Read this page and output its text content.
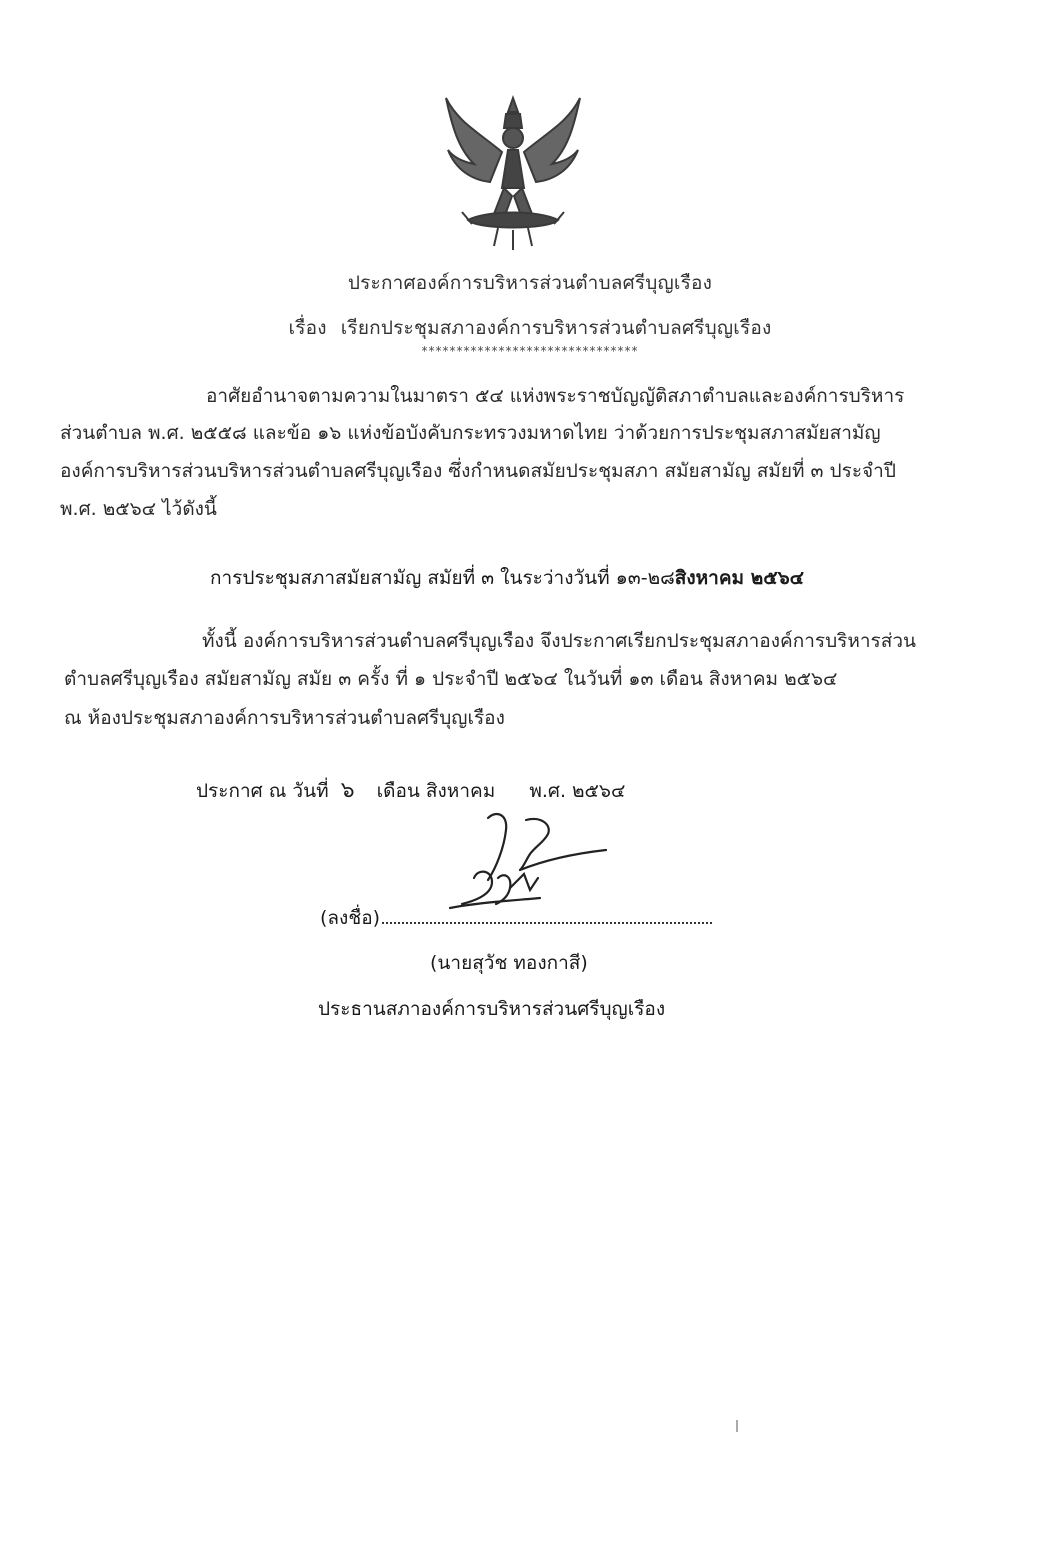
ประกาศองค์การบริหารส่วนตำบลศรีบุญเรือง
เรื่อง เรียกประชุมสภาองค์การบริหารส่วนตำบลศรีบุญเรือง
*******************************
อาศัยอำนาจตามความในมาตรา ๕๔ แห่งพระราชบัญญัติสภาตำบลและองค์การบริหาร
ส่วนตำบล พ.ศ. ๒๕๕๘ และข้อ ๑๖ แห่งข้อบังคับกระทรวงมหาดไทย ว่าด้วยการประชุมสภาสมัยสามัญ
องค์การบริหารส่วนบริหารส่วนตำบลศรีบุญเรือง ซึ่งกำหนดสมัยประชุมสภา สมัยสามัญ สมัยที่ ๓ ประจำปี
พ.ศ. ๒๕๖๔ ไว้ดังนี้
การประชุมสภาสมัยสามัญ สมัยที่ ๓ ในระว่างวันที่ ๑๓-๒๘สิงหาคม ๒๕๖๔
ทั้งนี้ องค์การบริหารส่วนตำบลศรีบุญเรือง จึงประกาศเรียกประชุมสภาองค์การบริหารส่วน
ตำบลศรีบุญเรือง สมัยสามัญ สมัย ๓ ครั้ง ที่ ๑ ประจำปี ๒๕๖๔ ในวันที่ ๑๓ เดือน สิงหาคม ๒๕๖๔
ณ ห้องประชุมสภาองค์การบริหารส่วนตำบลศรีบุญเรือง
ประกาศ ณ วันที่ ๖ เดือน สิงหาคม พ.ศ. ๒๕๖๔
(ลงชื่อ)
(นายสุวัช ทองกาสี)
ประธานสภาองค์การบริหารส่วนศรีบุญเรือง
